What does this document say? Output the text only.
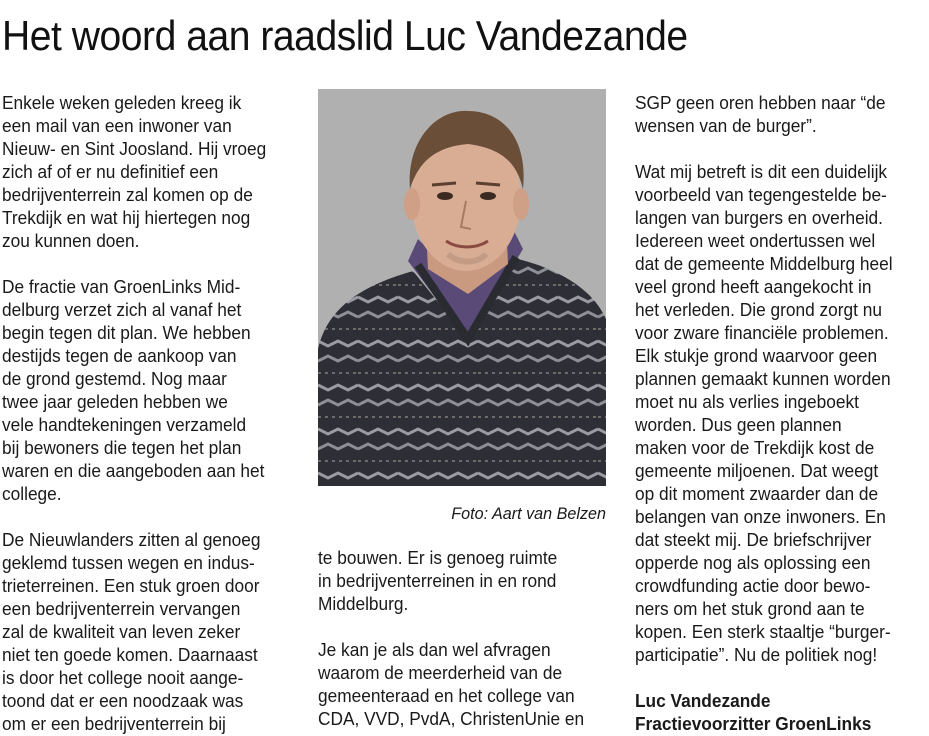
Het woord aan raadslid Luc Vandezande
Enkele weken geleden kreeg ik
een mail van een inwoner van
Nieuw- en Sint Joosland. Hij vroeg
zich af of er nu definitief een
bedrijventerrein zal komen op de
Trekdijk en wat hij hiertegen nog
zou kunnen doen.
De fractie van GroenLinks Mid-
delburg verzet zich al vanaf het
begin tegen dit plan. We hebben
destijds tegen de aankoop van
de grond gestemd. Nog maar
twee jaar geleden hebben we
vele handtekeningen verzameld
bij bewoners die tegen het plan
waren en die aangeboden aan het
college.
De Nieuwlanders zitten al genoeg
geklemd tussen wegen en indus-
trieterreinen. Een stuk groen door
een bedrijventerrein vervangen
zal de kwaliteit van leven zeker
niet ten goede komen. Daarnaast
is door het college nooit aange-
toond dat er een noodzaak was
om er een bedrijventerrein bij
Foto: Aart van Belzen
te bouwen. Er is genoeg ruimte
in bedrijventerreinen in en rond
Middelburg.
Je kan je als dan wel afvragen
waarom de meerderheid van de
gemeenteraad en het college van
CDA, VVD, PvdA, ChristenUnie en
SGP geen oren hebben naar “de
wensen van de burger”.
Wat mij betreft is dit een duidelijk
voorbeeld van tegengestelde be-
langen van burgers en overheid.
Iedereen weet ondertussen wel
dat de gemeente Middelburg heel
veel grond heeft aangekocht in
het verleden. Die grond zorgt nu
voor zware financiële problemen.
Elk stukje grond waarvoor geen
plannen gemaakt kunnen worden
moet nu als verlies ingeboekt
worden. Dus geen plannen
maken voor de Trekdijk kost de
gemeente miljoenen. Dat weegt
op dit moment zwaarder dan de
belangen van onze inwoners. En
dat steekt mij. De briefschrijver
opperde nog als oplossing een
crowdfunding actie door bewo-
ners om het stuk grond aan te
kopen. Een sterk staaltje “burger-
participatie”. Nu de politiek nog!
Luc Vandezande
Fractievoorzitter GroenLinks
